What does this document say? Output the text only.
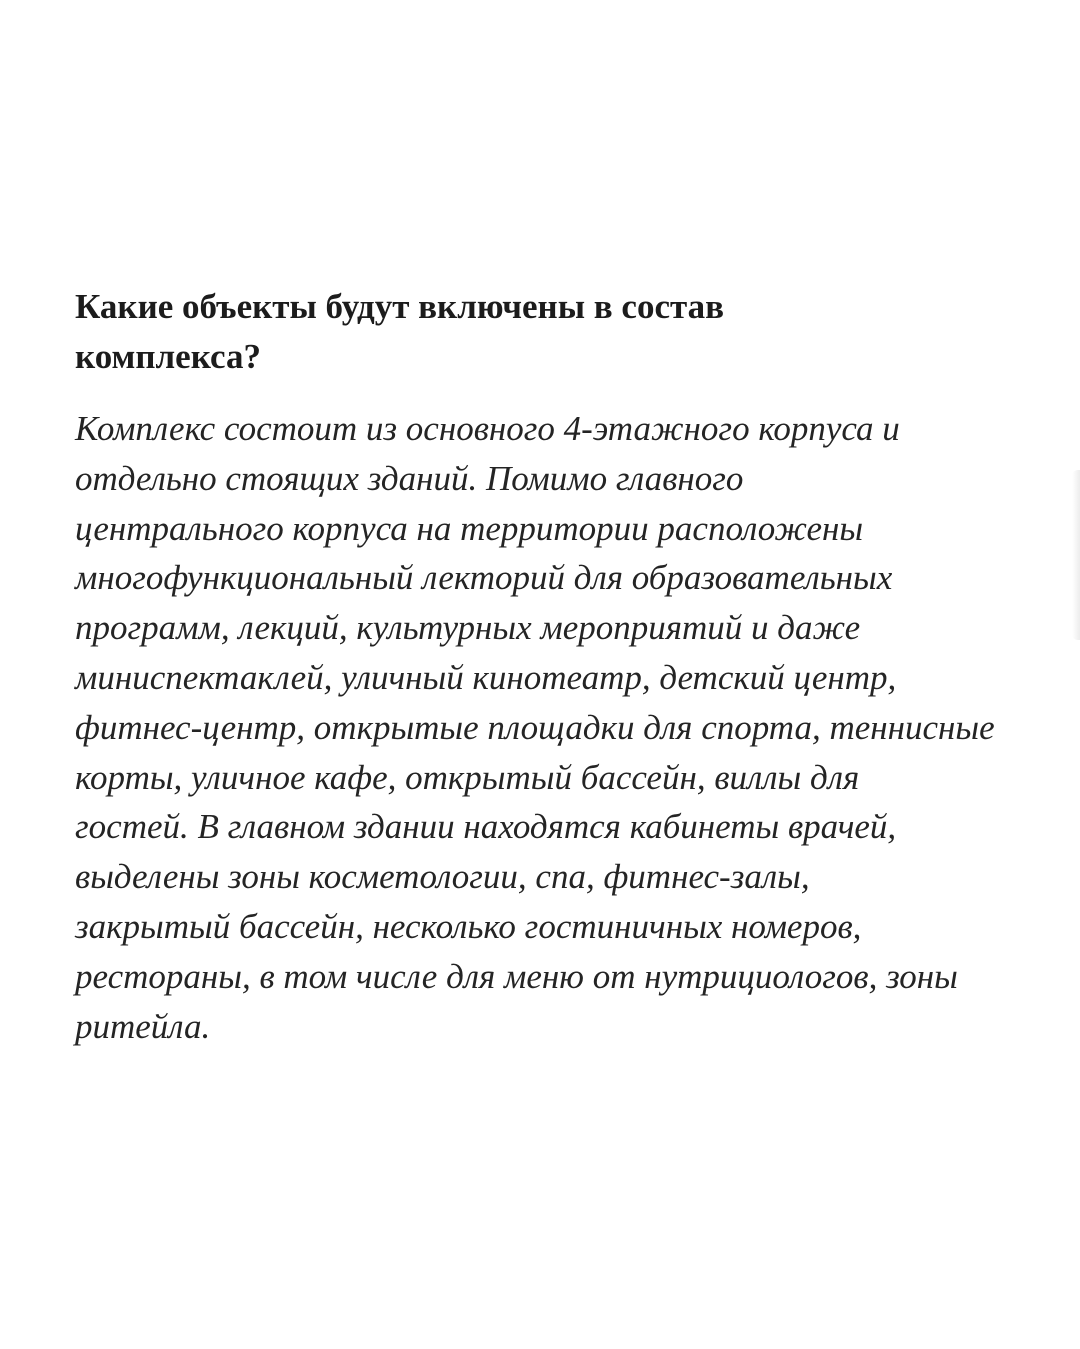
Какие объекты будут включены в состав
комплекса?

Комплекс состоит из основного 4-этажного корпуса и
отдельно стоящих зданий. Помимо главного
центрального корпуса на территории расположены
многофункциональный лекторий для образовательных
программ, лекций, культурных мероприятий и даже
миниспектаклей, уличный кинотеатр, детский центр,
фитнес-центр, открытые площадки для спорта, теннисные
корты, уличное кафе, открытый бассейн, виллы для
гостей. В главном здании находятся кабинеты врачей,
выделены зоны косметологии, спа, фитнес-залы,
закрытый бассейн, несколько гостиничных номеров,
рестораны, в том числе для меню от нутрициологов, зоны
ритейла.
